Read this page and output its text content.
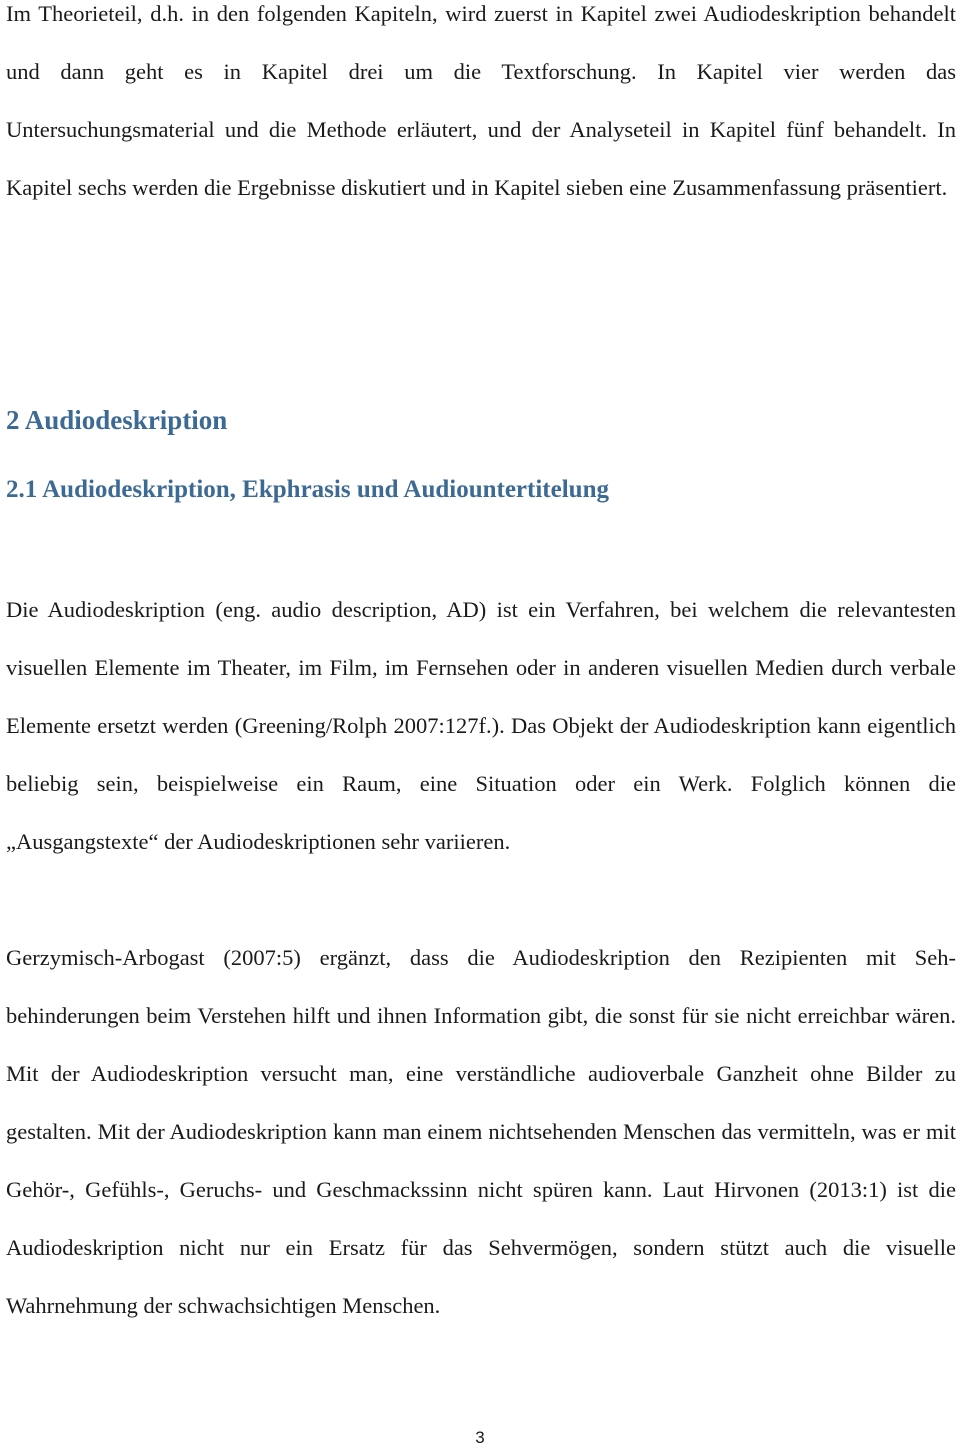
Im Theorieteil, d.h. in den folgenden Kapiteln, wird zuerst in Kapitel zwei Audiodeskription behandelt und dann geht es in Kapitel drei um die Textforschung. In Kapitel vier werden das Untersuchungsmaterial und die Methode erläutert, und der Analyseteil in Kapitel fünf behandelt. In Kapitel sechs werden die Ergebnisse diskutiert und in Kapitel sieben eine Zusammenfassung präsentiert.

2 Audiodeskription
2.1 Audiodeskription, Ekphrasis und Audiountertitelung

Die Audiodeskription (eng. audio description, AD) ist ein Verfahren, bei welchem die relevantesten visuellen Elemente im Theater, im Film, im Fernsehen oder in anderen visuellen Medien durch verbale Elemente ersetzt werden (Greening/Rolph 2007:127f.). Das Objekt der Audiodeskription kann eigentlich beliebig sein, beispielweise ein Raum, eine Situation oder ein Werk. Folglich können die „Ausgangstexte“ der Audiodeskriptionen sehr variieren.

Gerzymisch-Arbogast (2007:5) ergänzt, dass die Audiodeskription den Rezipienten mit Sehbehinderungen beim Verstehen hilft und ihnen Information gibt, die sonst für sie nicht erreichbar wären. Mit der Audiodeskription versucht man, eine verständliche audioverbale Ganzheit ohne Bilder zu gestalten. Mit der Audiodeskription kann man einem nichtsehenden Menschen das vermitteln, was er mit Gehör-, Gefühls-, Geruchs- und Geschmackssinn nicht spüren kann. Laut Hirvonen (2013:1) ist die Audiodeskription nicht nur ein Ersatz für das Sehvermögen, sondern stützt auch die visuelle Wahrnehmung der schwachsichtigen Menschen.

3
